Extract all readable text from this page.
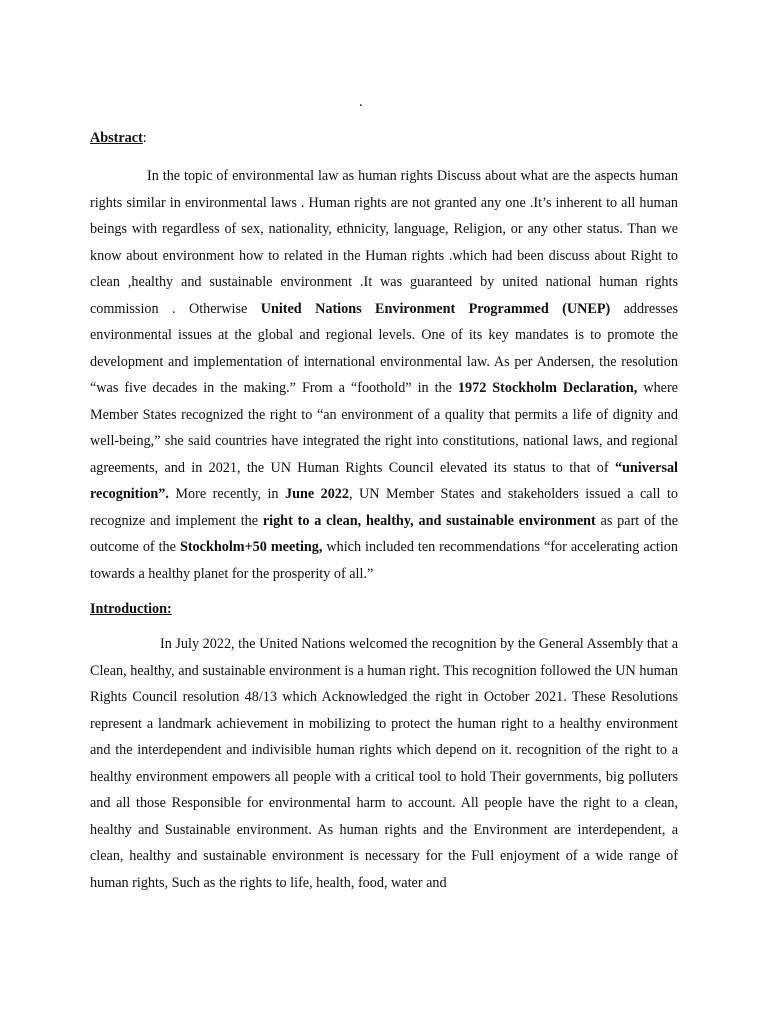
.

Abstract:

In the topic of environmental law as human rights Discuss about what are the aspects human rights similar in environmental laws . Human rights are not granted any one .It’s inherent to all human beings with regardless of sex, nationality, ethnicity, language, Religion, or any other status. Than we know about environment how to related in the Human rights .which had been discuss about Right to clean ,healthy and sustainable environment .It was guaranteed by united national human rights commission . Otherwise United Nations Environment Programmed (UNEP) addresses environmental issues at the global and regional levels. One of its key mandates is to promote the development and implementation of international environmental law. As per Andersen, the resolution “was five decades in the making.” From a “foothold” in the 1972 Stockholm Declaration, where Member States recognized the right to “an environment of a quality that permits a life of dignity and well-being,” she said countries have integrated the right into constitutions, national laws, and regional agreements, and in 2021, the UN Human Rights Council elevated its status to that of “universal recognition”. More recently, in June 2022, UN Member States and stakeholders issued a call to recognize and implement the right to a clean, healthy, and sustainable environment as part of the outcome of the Stockholm+50 meeting, which included ten recommendations “for accelerating action towards a healthy planet for the prosperity of all.”

Introduction:

In July 2022, the United Nations welcomed the recognition by the General Assembly that a Clean, healthy, and sustainable environment is a human right. This recognition followed the UN human Rights Council resolution 48/13 which Acknowledged the right in October 2021. These Resolutions represent a landmark achievement in mobilizing to protect the human right to a healthy environment and the interdependent and indivisible human rights which depend on it. recognition of the right to a healthy environment empowers all people with a critical tool to hold Their governments, big polluters and all those Responsible for environmental harm to account. All people have the right to a clean, healthy and Sustainable environment. As human rights and the Environment are interdependent, a clean, healthy and sustainable environment is necessary for the Full enjoyment of a wide range of human rights, Such as the rights to life, health, food, water and
